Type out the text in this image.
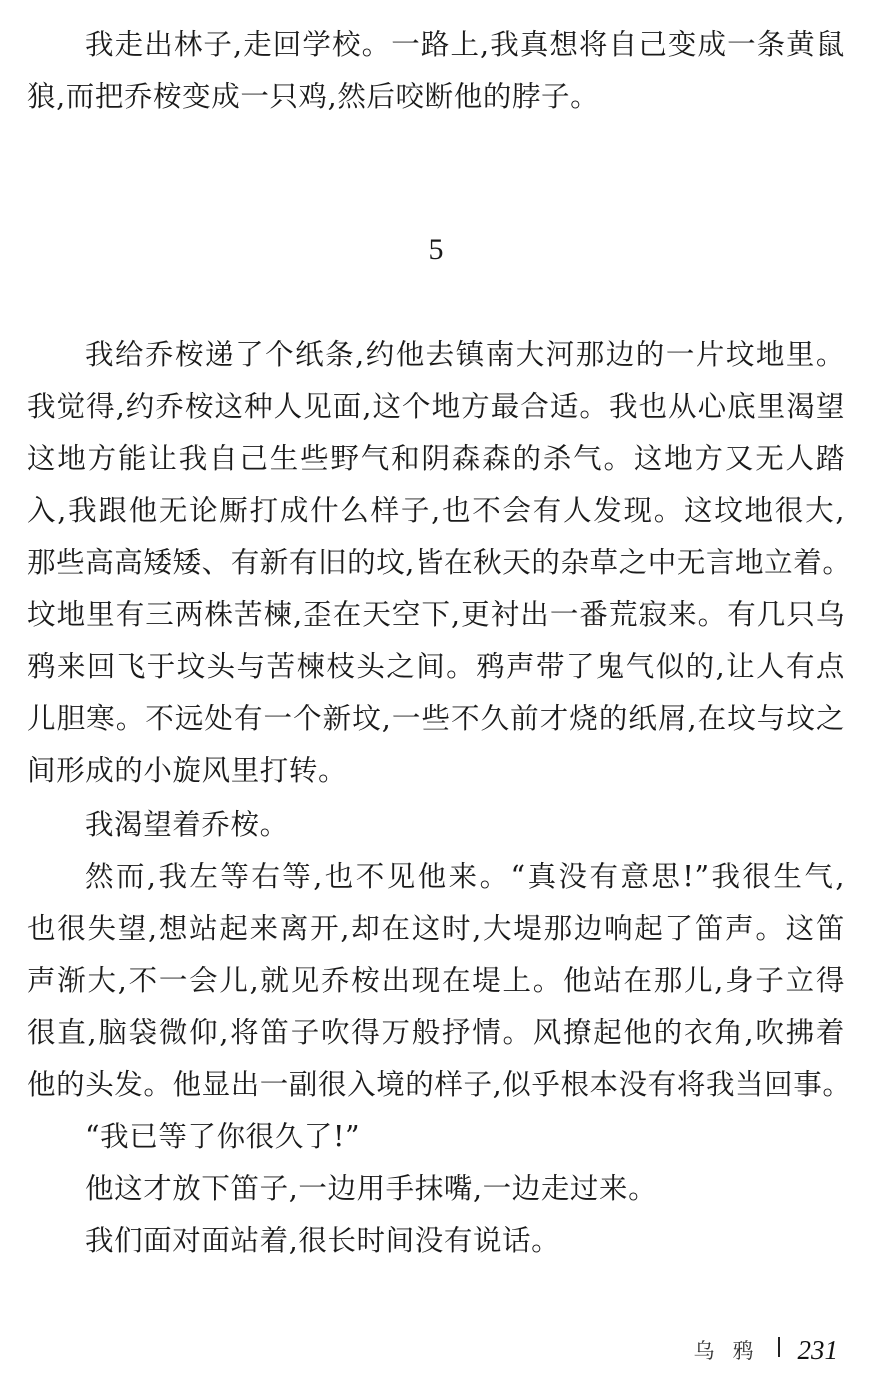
我走出林子,走回学校。一路上,我真想将自己变成一条黄鼠
狼,而把乔桉变成一只鸡,然后咬断他的脖子。
我给乔桉递了个纸条,约他去镇南大河那边的一片坟地里。
我觉得,约乔桉这种人见面,这个地方最合适。我也从心底里渴望
这地方能让我自己生些野气和阴森森的杀气。这地方又无人踏
入,我跟他无论厮打成什么样子,也不会有人发现。这坟地很大,
那些高高矮矮、有新有旧的坟,皆在秋天的杂草之中无言地立着。
坟地里有三两株苦楝,歪在天空下,更衬出一番荒寂来。有几只乌
鸦来回飞于坟头与苦楝枝头之间。鸦声带了鬼气似的,让人有点
儿胆寒。不远处有一个新坟,一些不久前才烧的纸屑,在坟与坟之
间形成的小旋风里打转。
我渴望着乔桉。
然而,我左等右等,也不见他来。“真没有意思!”我很生气,
也很失望,想站起来离开,却在这时,大堤那边响起了笛声。这笛
声渐大,不一会儿,就见乔桉出现在堤上。他站在那儿,身子立得
很直,脑袋微仰,将笛子吹得万般抒情。风撩起他的衣角,吹拂着
他的头发。他显出一副很入境的样子,似乎根本没有将我当回事。
“我已等了你很久了!”
他这才放下笛子,一边用手抹嘴,一边走过来。
我们面对面站着,很长时间没有说话。
5
乌鸦 231
